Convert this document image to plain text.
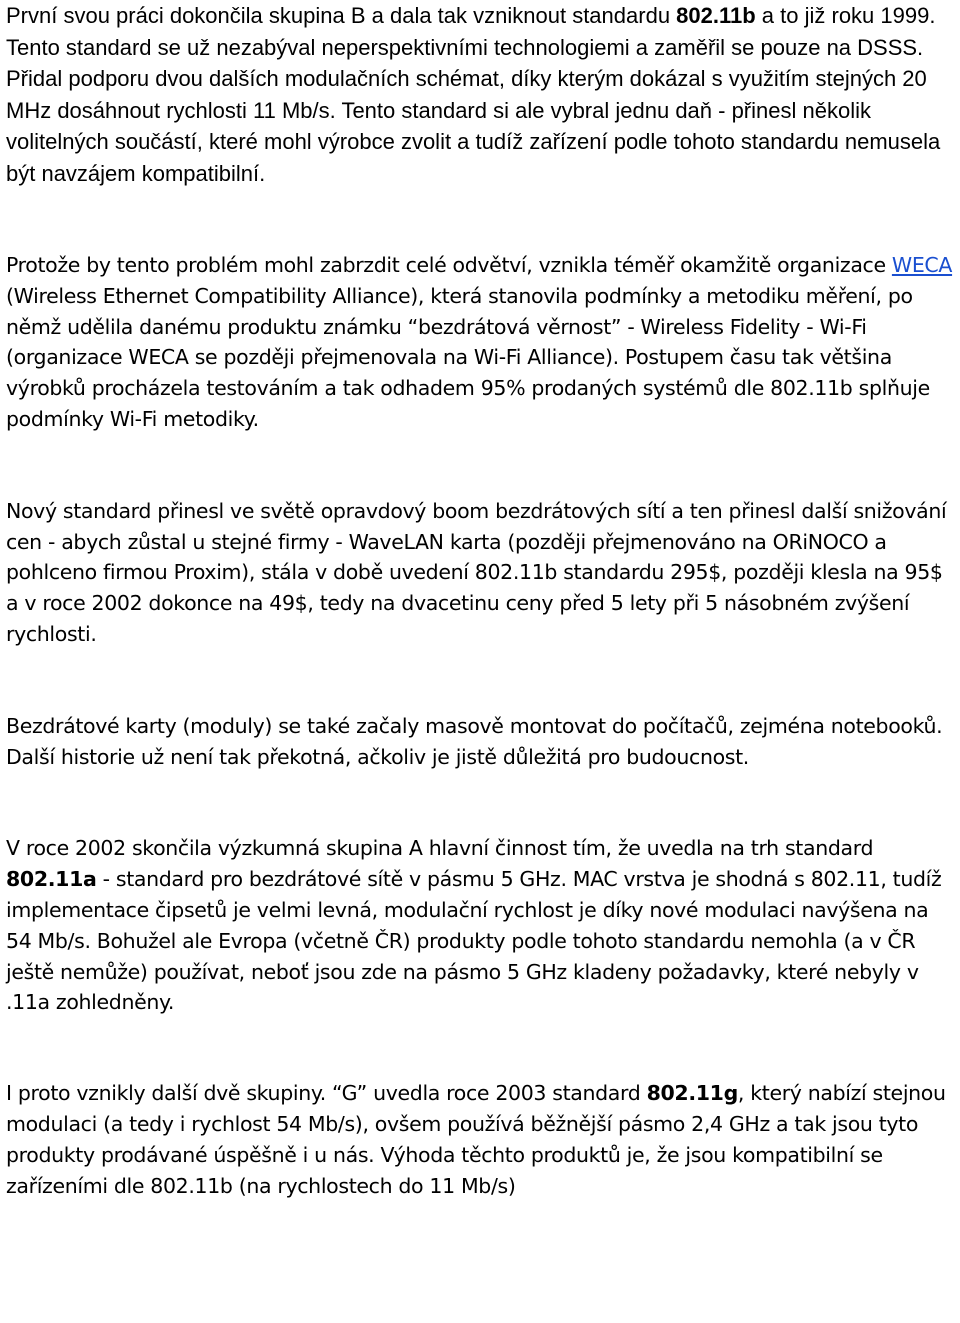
První svou práci dokončila skupina B a dala tak vzniknout standardu 802.11b a to již roku 1999. Tento standard se už nezabýval neperspektivními technologiemi a zaměřil se pouze na DSSS. Přidal podporu dvou dalších modulačních schémat, díky kterým dokázal s využitím stejných 20 MHz dosáhnout rychlosti 11 Mb/s. Tento standard si ale vybral jednu daň - přinesl několik volitelných součástí, které mohl výrobce zvolit a tudíž zařízení podle tohoto standardu nemusela být navzájem kompatibilní.

Protože by tento problém mohl zabrzdit celé odvětví, vznikla téměř okamžitě organizace WECA (Wireless Ethernet Compatibility Alliance), která stanovila podmínky a metodiku měření, po němž udělila danému produktu známku “bezdrátová věrnost” - Wireless Fidelity - Wi-Fi (organizace WECA se později přejmenovala na Wi-Fi Alliance). Postupem času tak většina výrobků procházela testováním a tak odhadem 95% prodaných systémů dle 802.11b splňuje podmínky Wi-Fi metodiky.

Nový standard přinesl ve světě opravdový boom bezdrátových sítí a ten přinesl další snižování cen - abych zůstal u stejné firmy - WaveLAN karta (později přejmenováno na ORiNOCO a pohlceno firmou Proxim), stála v době uvedení 802.11b standardu 295$, později klesla na 95$ a v roce 2002 dokonce na 49$, tedy na dvacetinu ceny před 5 lety při 5 násobném zvýšení rychlosti.

Bezdrátové karty (moduly) se také začaly masově montovat do počítačů, zejména notebooků. Další historie už není tak překotná, ačkoliv je jistě důležitá pro budoucnost.

V roce 2002 skončila výzkumná skupina A hlavní činnost tím, že uvedla na trh standard 802.11a - standard pro bezdrátové sítě v pásmu 5 GHz. MAC vrstva je shodná s 802.11, tudíž implementace čipsetů je velmi levná, modulační rychlost je díky nové modulaci navýšena na 54 Mb/s. Bohužel ale Evropa (včetně ČR) produkty podle tohoto standardu nemohla (a v ČR ještě nemůže) používat, neboť jsou zde na pásmo 5 GHz kladeny požadavky, které nebyly v .11a zohledněny.

I proto vznikly další dvě skupiny. “G” uvedla roce 2003 standard 802.11g, který nabízí stejnou modulaci (a tedy i rychlost 54 Mb/s), ovšem používá běžnější pásmo 2,4 GHz a tak jsou tyto produkty prodávané úspěšně i u nás. Výhoda těchto produktů je, že jsou kompatibilní se zařízeními dle 802.11b (na rychlostech do 11 Mb/s)
